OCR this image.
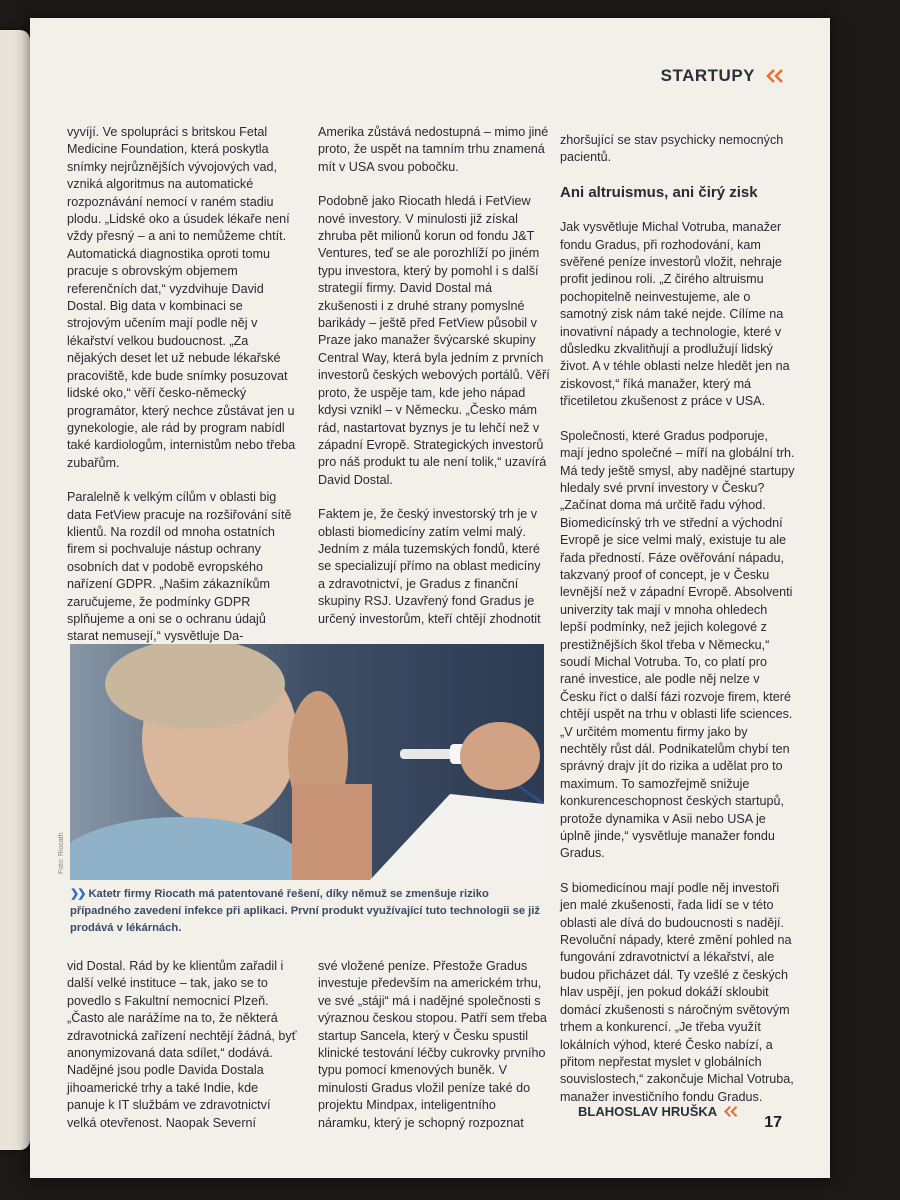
STARTUPY

vyvíjí. Ve spolupráci s britskou Fetal Medicine Foundation, která poskytla snímky nejrůznějších vývojových vad, vzniká algoritmus na automatické rozpoznávání nemocí v raném stadiu plodu. „Lidské oko a úsudek lékaře není vždy přesný – a ani to nemůžeme chtít. Automatická diagnostika oproti tomu pracuje s obrovským objemem referenčních dat,“ vyzdvihuje David Dostal. Big data v kombinaci se strojovým učením mají podle něj v lékařství velkou budoucnost. „Za nějakých deset let už nebude lékařské pracoviště, kde bude snímky posuzovat lidské oko,“ věří česko-německý programátor, který nechce zůstávat jen u gynekologie, ale rád by program nabídl také kardiologům, internistům nebo třeba zubařům.

Paralelně k velkým cílům v oblasti big data FetView pracuje na rozšiřování sítě klientů. Na rozdíl od mnoha ostatních firem si pochvaluje nástup ochrany osobních dat v podobě evropského nařízení GDPR. „Našim zákazníkům zaručujeme, že podmínky GDPR splňujeme a oni se o ochranu údajů starat nemusejí,“ vysvětluje Da-

Amerika zůstává nedostupná – mimo jiné proto, že uspět na tamním trhu znamená mít v USA svou pobočku.

Podobně jako Riocath hledá i FetView nové investory. V minulosti již získal zhruba pět milionů korun od fondu J&T Ventures, teď se ale porozhlíží po jiném typu investora, který by pomohl i s další strategií firmy. David Dostal má zkušenosti i z druhé strany pomyslné barikády – ještě před FetView působil v Praze jako manažer švýcarské skupiny Central Way, která byla jedním z prvních investorů českých webových portálů. Věří proto, že uspěje tam, kde jeho nápad kdysi vznikl – v Německu. „Česko mám rád, nastartovat byznys je tu lehčí než v západní Evropě. Strategických investorů pro náš produkt tu ale není tolik,“ uzavírá David Dostal.

Faktem je, že český investorský trh je v oblasti biomedicíny zatím velmi malý. Jedním z mála tuzemských fondů, které se specializují přímo na oblast medicíny a zdravotnictví, je Gradus z finanční skupiny RSJ. Uzavřený fond Gradus je určený investorům, kteří chtějí zhodnotit

zhoršující se stav psychicky nemocných pacientů.

Ani altruismus, ani čirý zisk

Jak vysvětluje Michal Votruba, manažer fondu Gradus, při rozhodování, kam svěřené peníze investorů vložit, nehraje profit jedinou roli. „Z čirého altruismu pochopitelně neinvestujeme, ale o samotný zisk nám také nejde. Cílíme na inovativní nápady a technologie, které v důsledku zkvalitňují a prodlužují lidský život. A v téhle oblasti nelze hledět jen na ziskovost,“ říká manažer, který má třicetiletou zkušenost z práce v USA.

Společnosti, které Gradus podporuje, mají jedno společné – míří na globální trh. Má tedy ještě smysl, aby nadějné startupy hledaly své první investory v Česku? „Začínat doma má určitě řadu výhod. Biomedicínský trh ve střední a východní Evropě je sice velmi malý, existuje tu ale řada předností. Fáze ověřování nápadu, takzvaný proof of concept, je v Česku levnější než v západní Evropě. Absolventi univerzity tak mají v mnoha ohledech lepší podmínky, než jejich kolegové z prestižnějších škol třeba v Německu,“ soudí Michal Votruba. To, co platí pro rané investice, ale podle něj nelze v Česku říct o další fázi rozvoje firem, které chtějí uspět na trhu v oblasti life sciences. „V určitém momentu firmy jako by nechtěly růst dál. Podnikatelům chybí ten správný drajv jít do rizika a udělat pro to maximum. To samozřejmě snižuje konkurenceschopnost českých startupů, protože dynamika v Asii nebo USA je úplně jinde,“ vysvětluje manažer fondu Gradus.

S biomedicínou mají podle něj investoři jen malé zkušenosti, řada lidí se v této oblasti ale dívá do budoucnosti s nadějí. Revoluční nápady, které změní pohled na fungování zdravotnictví a lékařství, ale budou přicházet dál. Ty vzešlé z českých hlav uspějí, jen pokud dokáží skloubit domácí zkušenosti s náročným světovým trhem a konkurencí. „Je třeba využít lokálních výhod, které Česko nabízí, a přitom nepřestat myslet v globálních souvislostech,“ zakončuje Michal Votruba, manažer investičního fondu Gradus.

Foto: Riocath
❯❯ Katetr firmy Riocath má patentované řešení, díky němuž se zmenšuje riziko případného zavedení infekce při aplikaci. První produkt využívající tuto technologii se již prodává v lékárnách.

vid Dostal. Rád by ke klientům zařadil i další velké instituce – tak, jako se to povedlo s Fakultní nemocnicí Plzeň. „Často ale narážíme na to, že některá zdravotnická zařízení nechtějí žádná, byť anonymizovaná data sdílet,“ dodává. Nadějné jsou podle Davida Dostala jihoamerické trhy a také Indie, kde panuje k IT službám ve zdravotnictví velká otevřenost. Naopak Severní

své vložené peníze. Přestože Gradus investuje především na americkém trhu, ve své „stáji“ má i nadějné společnosti s výraznou českou stopou. Patří sem třeba startup Sancela, který v Česku spustil klinické testování léčby cukrovky prvního typu pomocí kmenových buněk. V minulosti Gradus vložil peníze také do projektu Mindpax, inteligentního náramku, který je schopný rozpoznat

BLAHOSLAV HRUŠKA
17
